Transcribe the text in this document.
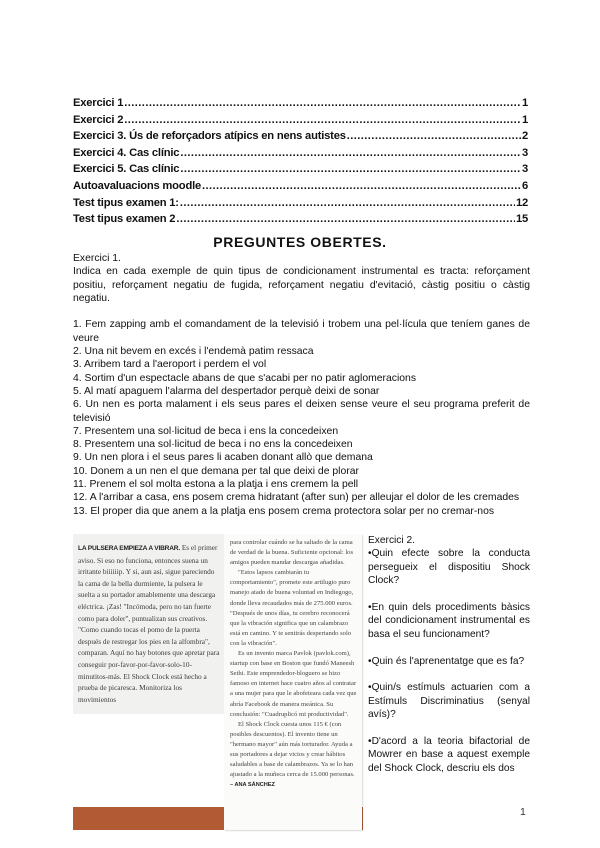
Exercici 1 .....	1
Exercici 2 .....	1
Exercici 3. Ús de reforçadors atípics en nens autistes .....	2
Exercici 4. Cas clínic .....	3
Exercici 5. Cas clínic .....	3
Autoavaluacions moodle .....	6
Test tipus examen 1: .....	12
Test tipus examen 2 .....	15
PREGUNTES OBERTES.

Exercici 1.

Indica en cada exemple de quin tipus de condicionament instrumental es tracta: reforçament positiu, reforçament negatiu de fugida, reforçament negatiu d'evitació, càstig positiu o càstig negatiu.

1. Fem zapping amb el comandament de la televisió i trobem una pel·lícula que teníem ganes de veure

2. Una nit bevem en excés i l'endemà patim ressaca

3. Arribem tard a l'aeroport i perdem el vol

4. Sortim d'un espectacle abans de que s'acabi per no patir aglomeracions

5. Al matí apaguem l'alarma del despertador perquè deixi de sonar

6. Un nen es porta malament i els seus pares el deixen sense veure el seu programa preferit de televisió

7. Presentem una sol·licitud de beca i ens la concedeixen

8. Presentem una sol·licitud de beca i no ens la concedeixen

9. Un nen plora i el seus pares li acaben donant allò que demana

10. Donem a un nen el que demana per tal que deixi de plorar

11. Prenem el sol molta estona a la platja i ens cremem la pell

12. A l'arribar a casa, ens posem crema hidratant (after sun) per alleujar el dolor de les cremades

13. El proper dia que anem a la platja ens posem crema protectora solar per no cremar-nos

LA PULSERA EMPIEZA A VIBRAR. Es el primer aviso. Si eso no funciona, entonces suena un irritante biiiiiip. Y si, aun así, sigue pareciendo la cama de la bella durmiente, la pulsera le suelta a su portador amablemente una descarga eléctrica. ¡Zas! "Incómoda, pero no tan fuerte como para doler", puntualizan sus creativos. "Como cuando tocas el pomo de la puerta después de restregar los pies en la alfombra", comparan. Aquí no hay botones que apretar para conseguir por-favor-por-favor-solo-10-minutitos-más. El Shock Clock está hecho a prueba de picaresca. Monitoriza los movimientos

para controlar cuándo se ha saltado de la cama de verdad de la buena. Suficiente opcional: los amigos pueden mandar descargas añadidas.

"Estos lapsos cambiarán tu comportamiento", promete este artilugio puro manejo atado de buena voluntad en Indiegogo, donde lleva recaudados más de 275.000 euros. "Después de unos días, tu cerebro reconocerá que la vibración significa que un calambrazo está en camino. Y te sentirás despertando solo con la vibración".

Es un invento marca Pavlok (pavlok.com), startup con base en Boston que fundó Maneesh Sethi. Este emprendedor-bloguero se hizo famoso en internet hace cuatro años al contratar a una mujer para que le abofeteara cada vez que abría Facebook de manera meánica. Su conclusión: "Cuadruplicó mi productividad".

El Shock Clock cuesta unos 115 € (con posibles descuentos). El invento tiene un "hermano mayor" aún más torturador. Ayuda a sus portadores a dejar vicios y crear hábitos saludables a base de calambrazos. Ya se lo han ajustado a la muñeca cerca de 15.000 personas.

– ANA SÁNCHEZ

Exercici 2.

•Quin efecte sobre la conducta persegueix el dispositiu Shock Clock?

•En quin dels procediments bàsics del condicionament instrumental es basa el seu funcionament?

•Quin és l'aprenentatge que es fa?

•Quin/s estímuls actuarien com a Estímuls Discriminatius (senyal avís)?

•D'acord a la teoria bifactorial de Mowrer en base a aquest exemple del Shock Clock, descriu els dos

1
